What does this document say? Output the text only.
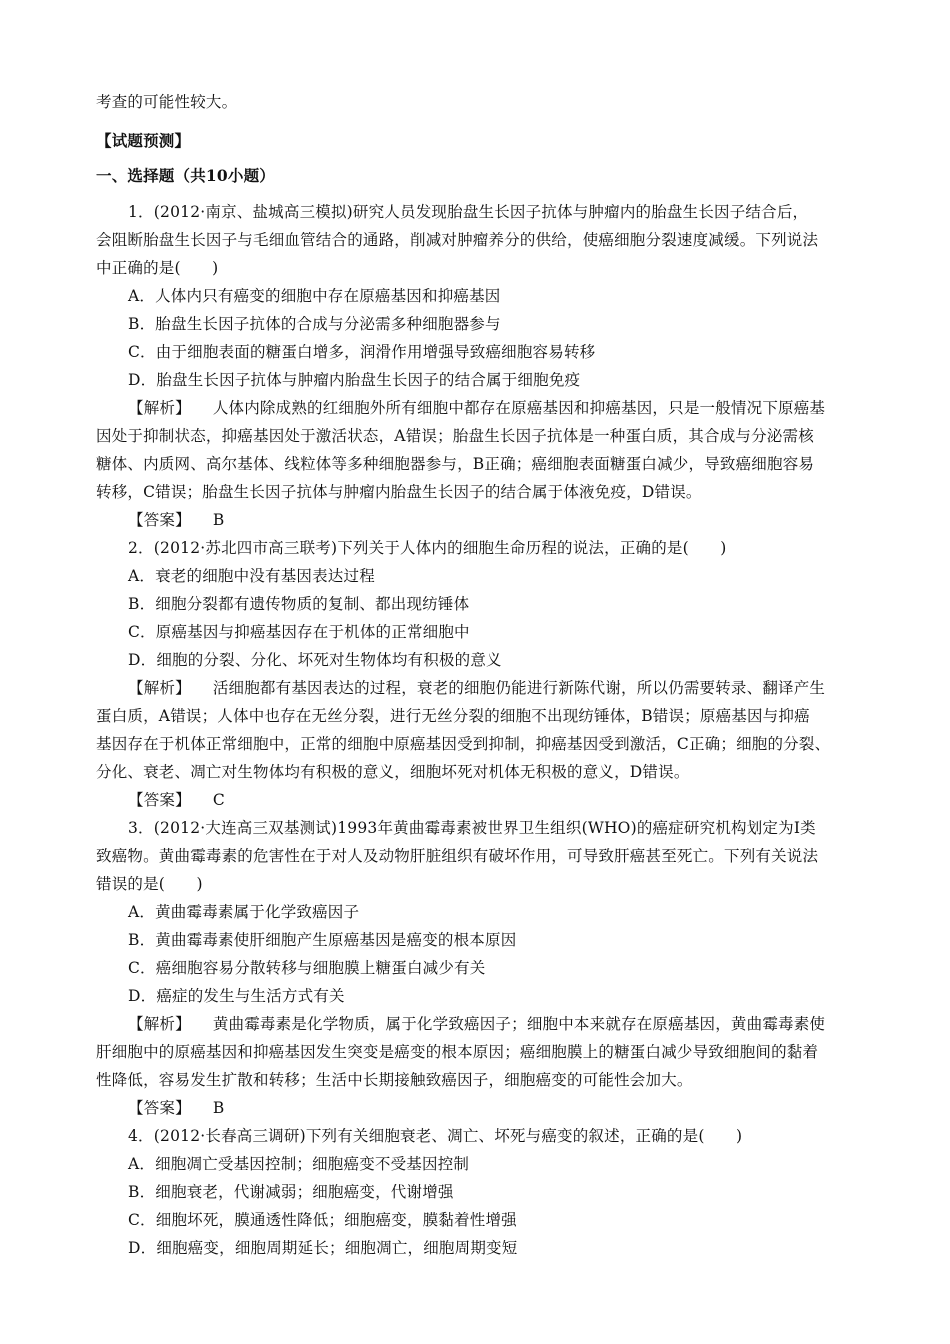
考查的可能性较大。
【试题预测】
一、选择题（共10小题）
1．(2012·南京、盐城高三模拟)研究人员发现胎盘生长因子抗体与肿瘤内的胎盘生长因子结合后，
会阻断胎盘生长因子与毛细血管结合的通路，削减对肿瘤养分的供给，使癌细胞分裂速度减缓。下列说法
中正确的是(　　)
A．人体内只有癌变的细胞中存在原癌基因和抑癌基因
B．胎盘生长因子抗体的合成与分泌需多种细胞器参与
C．由于细胞表面的糖蛋白增多，润滑作用增强导致癌细胞容易转移
D．胎盘生长因子抗体与肿瘤内胎盘生长因子的结合属于细胞免疫
【解析】 人体内除成熟的红细胞外所有细胞中都存在原癌基因和抑癌基因，只是一般情况下原癌基
因处于抑制状态，抑癌基因处于激活状态，A错误；胎盘生长因子抗体是一种蛋白质，其合成与分泌需核
糖体、内质网、高尔基体、线粒体等多种细胞器参与，B正确；癌细胞表面糖蛋白减少，导致癌细胞容易
转移，C错误；胎盘生长因子抗体与肿瘤内胎盘生长因子的结合属于体液免疫，D错误。
【答案】 B
2．(2012·苏北四市高三联考)下列关于人体内的细胞生命历程的说法，正确的是(　　)
A．衰老的细胞中没有基因表达过程
B．细胞分裂都有遗传物质的复制、都出现纺锤体
C．原癌基因与抑癌基因存在于机体的正常细胞中
D．细胞的分裂、分化、坏死对生物体均有积极的意义
【解析】 活细胞都有基因表达的过程，衰老的细胞仍能进行新陈代谢，所以仍需要转录、翻译产生
蛋白质，A错误；人体中也存在无丝分裂，进行无丝分裂的细胞不出现纺锤体，B错误；原癌基因与抑癌
基因存在于机体正常细胞中，正常的细胞中原癌基因受到抑制，抑癌基因受到激活，C正确；细胞的分裂、
分化、衰老、凋亡对生物体均有积极的意义，细胞坏死对机体无积极的意义，D错误。
【答案】 C
3．(2012·大连高三双基测试)1993年黄曲霉毒素被世界卫生组织(WHO)的癌症研究机构划定为Ⅰ类
致癌物。黄曲霉毒素的危害性在于对人及动物肝脏组织有破坏作用，可导致肝癌甚至死亡。下列有关说法
错误的是(　　)
A．黄曲霉毒素属于化学致癌因子
B．黄曲霉毒素使肝细胞产生原癌基因是癌变的根本原因
C．癌细胞容易分散转移与细胞膜上糖蛋白减少有关
D．癌症的发生与生活方式有关
【解析】 黄曲霉毒素是化学物质，属于化学致癌因子；细胞中本来就存在原癌基因，黄曲霉毒素使
肝细胞中的原癌基因和抑癌基因发生突变是癌变的根本原因；癌细胞膜上的糖蛋白减少导致细胞间的黏着
性降低，容易发生扩散和转移；生活中长期接触致癌因子，细胞癌变的可能性会加大。
【答案】 B
4．(2012·长春高三调研)下列有关细胞衰老、凋亡、坏死与癌变的叙述，正确的是(　　)
A．细胞凋亡受基因控制；细胞癌变不受基因控制
B．细胞衰老，代谢减弱；细胞癌变，代谢增强
C．细胞坏死，膜通透性降低；细胞癌变，膜黏着性增强
D．细胞癌变，细胞周期延长；细胞凋亡，细胞周期变短
